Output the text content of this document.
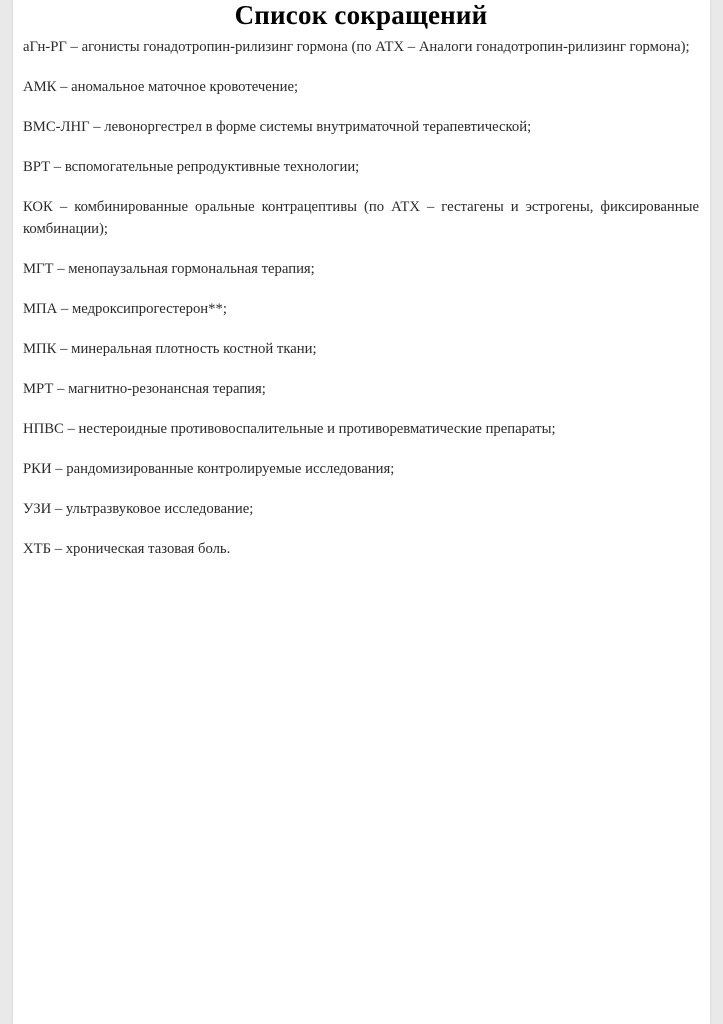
Список сокращений

аГн-РГ – агонисты гонадотропин-рилизинг гормона (по АТХ – Аналоги гонадотропин-рилизинг гормона);

АМК – аномальное маточное кровотечение;

ВМС-ЛНГ – левоноргестрел в форме системы внутриматочной терапевтической;

ВРТ – вспомогательные репродуктивные технологии;

КОК – комбинированные оральные контрацептивы (по АТХ – гестагены и эстрогены, фиксированные комбинации);

МГТ – менопаузальная гормональная терапия;

МПА – медроксипрогестерон**;

МПК – минеральная плотность костной ткани;

МРТ – магнитно-резонансная терапия;

НПВС – нестероидные противовоспалительные и противоревматические препараты;

РКИ – рандомизированные контролируемые исследования;

УЗИ – ультразвуковое исследование;

ХТБ – хроническая тазовая боль.
